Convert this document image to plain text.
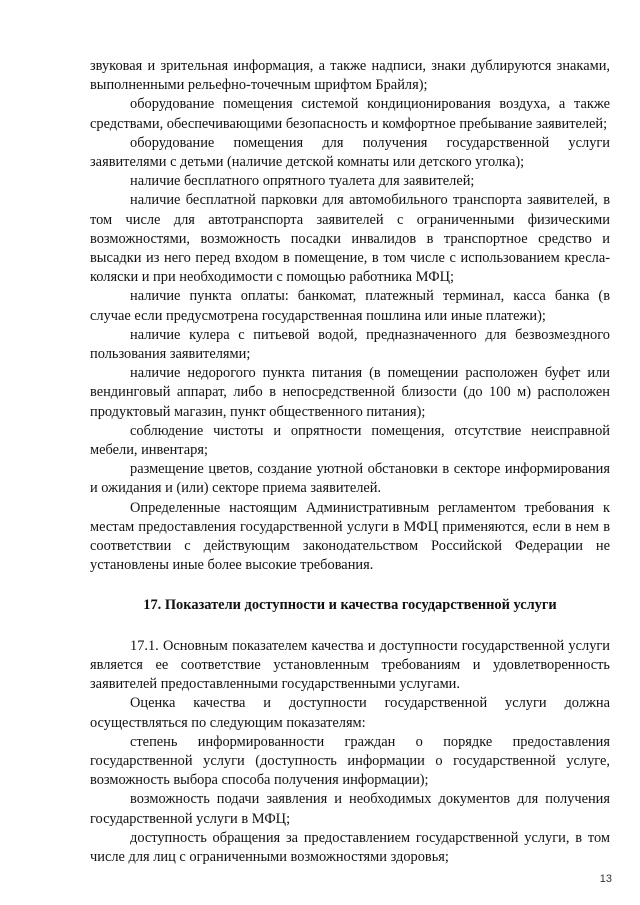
звуковая и зрительная информация, а также надписи, знаки дублируются знаками, выполненными рельефно-точечным шрифтом Брайля);

оборудование помещения системой кондиционирования воздуха, а также средствами, обеспечивающими безопасность и комфортное пребывание заявителей;

оборудование помещения для получения государственной услуги заявителями с детьми (наличие детской комнаты или детского уголка);

наличие бесплатного опрятного туалета для заявителей;

наличие бесплатной парковки для автомобильного транспорта заявителей, в том числе для автотранспорта заявителей с ограниченными физическими возможностями, возможность посадки инвалидов в транспортное средство и высадки из него перед входом в помещение, в том числе с использованием кресла-коляски и при необходимости с помощью работника МФЦ;

наличие пункта оплаты: банкомат, платежный терминал, касса банка (в случае если предусмотрена государственная пошлина или иные платежи);

наличие кулера с питьевой водой, предназначенного для безвозмездного пользования заявителями;

наличие недорогого пункта питания (в помещении расположен буфет или вендинговый аппарат, либо в непосредственной близости (до 100 м) расположен продуктовый магазин, пункт общественного питания);

соблюдение чистоты и опрятности помещения, отсутствие неисправной мебели, инвентаря;

размещение цветов, создание уютной обстановки в секторе информирования и ожидания и (или) секторе приема заявителей.

Определенные настоящим Административным регламентом требования к местам предоставления государственной услуги в МФЦ применяются, если в нем в соответствии с действующим законодательством Российской Федерации не установлены иные более высокие требования.

17. Показатели доступности и качества государственной услуги

17.1. Основным показателем качества и доступности государственной услуги является ее соответствие установленным требованиям и удовлетворенность заявителей предоставленными государственными услугами.

Оценка качества и доступности государственной услуги должна осуществляться по следующим показателям:

степень информированности граждан о порядке предоставления государственной услуги (доступность информации о государственной услуге, возможность выбора способа получения информации);

возможность подачи заявления и необходимых документов для получения государственной услуги в МФЦ;

доступность обращения за предоставлением государственной услуги, в том числе для лиц с ограниченными возможностями здоровья;

13
